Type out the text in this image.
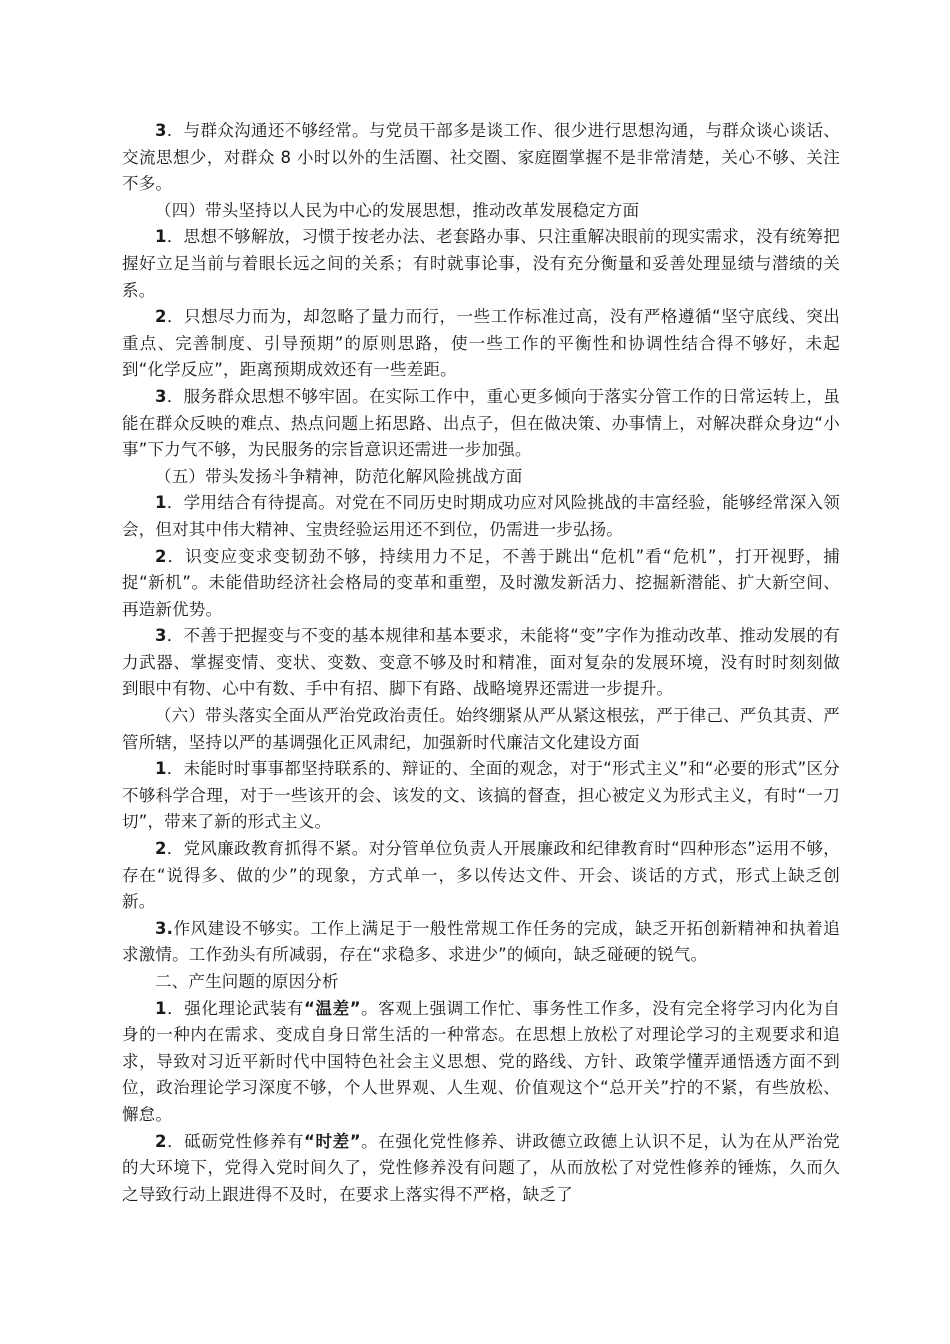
3．与群众沟通还不够经常。与党员干部多是谈工作、很少进行思想沟通，与群众谈心谈话、交流思想少，对群众 8 小时以外的生活圈、社交圈、家庭圈掌握不是非常清楚，关心不够、关注不多。

（四）带头坚持以人民为中心的发展思想，推动改革发展稳定方面

1．思想不够解放，习惯于按老办法、老套路办事、只注重解决眼前的现实需求，没有统筹把握好立足当前与着眼长远之间的关系；有时就事论事，没有充分衡量和妥善处理显绩与潜绩的关系。

2．只想尽力而为，却忽略了量力而行，一些工作标准过高，没有严格遵循“坚守底线、突出重点、完善制度、引导预期”的原则思路，使一些工作的平衡性和协调性结合得不够好，未起到“化学反应”，距离预期成效还有一些差距。

3．服务群众思想不够牢固。在实际工作中，重心更多倾向于落实分管工作的日常运转上，虽能在群众反映的难点、热点问题上拓思路、出点子，但在做决策、办事情上，对解决群众身边“小事”下力气不够，为民服务的宗旨意识还需进一步加强。

（五）带头发扬斗争精神，防范化解风险挑战方面

1．学用结合有待提高。对党在不同历史时期成功应对风险挑战的丰富经验，能够经常深入领会，但对其中伟大精神、宝贵经验运用还不到位，仍需进一步弘扬。

2．识变应变求变韧劲不够，持续用力不足，不善于跳出“危机”看“危机”，打开视野，捕捉“新机”。未能借助经济社会格局的变革和重塑，及时激发新活力、挖掘新潜能、扩大新空间、再造新优势。

3．不善于把握变与不变的基本规律和基本要求，未能将“变”字作为推动改革、推动发展的有力武器、掌握变情、变状、变数、变意不够及时和精准，面对复杂的发展环境，没有时时刻刻做到眼中有物、心中有数、手中有招、脚下有路、战略境界还需进一步提升。

（六）带头落实全面从严治党政治责任。始终绷紧从严从紧这根弦，严于律己、严负其责、严管所辖，坚持以严的基调强化正风肃纪，加强新时代廉洁文化建设方面

1．未能时时事事都坚持联系的、辩证的、全面的观念，对于“形式主义”和“必要的形式”区分不够科学合理，对于一些该开的会、该发的文、该搞的督查，担心被定义为形式主义，有时“一刀切”，带来了新的形式主义。

2．党风廉政教育抓得不紧。对分管单位负责人开展廉政和纪律教育时“四种形态”运用不够，存在“说得多、做的少”的现象，方式单一，多以传达文件、开会、谈话的方式，形式上缺乏创新。

3.作风建设不够实。工作上满足于一般性常规工作任务的完成，缺乏开拓创新精神和执着追求激情。工作劲头有所减弱，存在“求稳多、求进少”的倾向，缺乏碰硬的锐气。

二、产生问题的原因分析

1．强化理论武装有“温差”。客观上强调工作忙、事务性工作多，没有完全将学习内化为自身的一种内在需求、变成自身日常生活的一种常态。在思想上放松了对理论学习的主观要求和追求，导致对习近平新时代中国特色社会主义思想、党的路线、方针、政策学懂弄通悟透方面不到位，政治理论学习深度不够，个人世界观、人生观、价值观这个“总开关”拧的不紧，有些放松、懈怠。

2．砥砺党性修养有“时差”。在强化党性修养、讲政德立政德上认识不足，认为在从严治党的大环境下，党得入党时间久了，党性修养没有问题了，从而放松了对党性修养的锤炼，久而久之导致行动上跟进得不及时，在要求上落实得不严格，缺乏了
